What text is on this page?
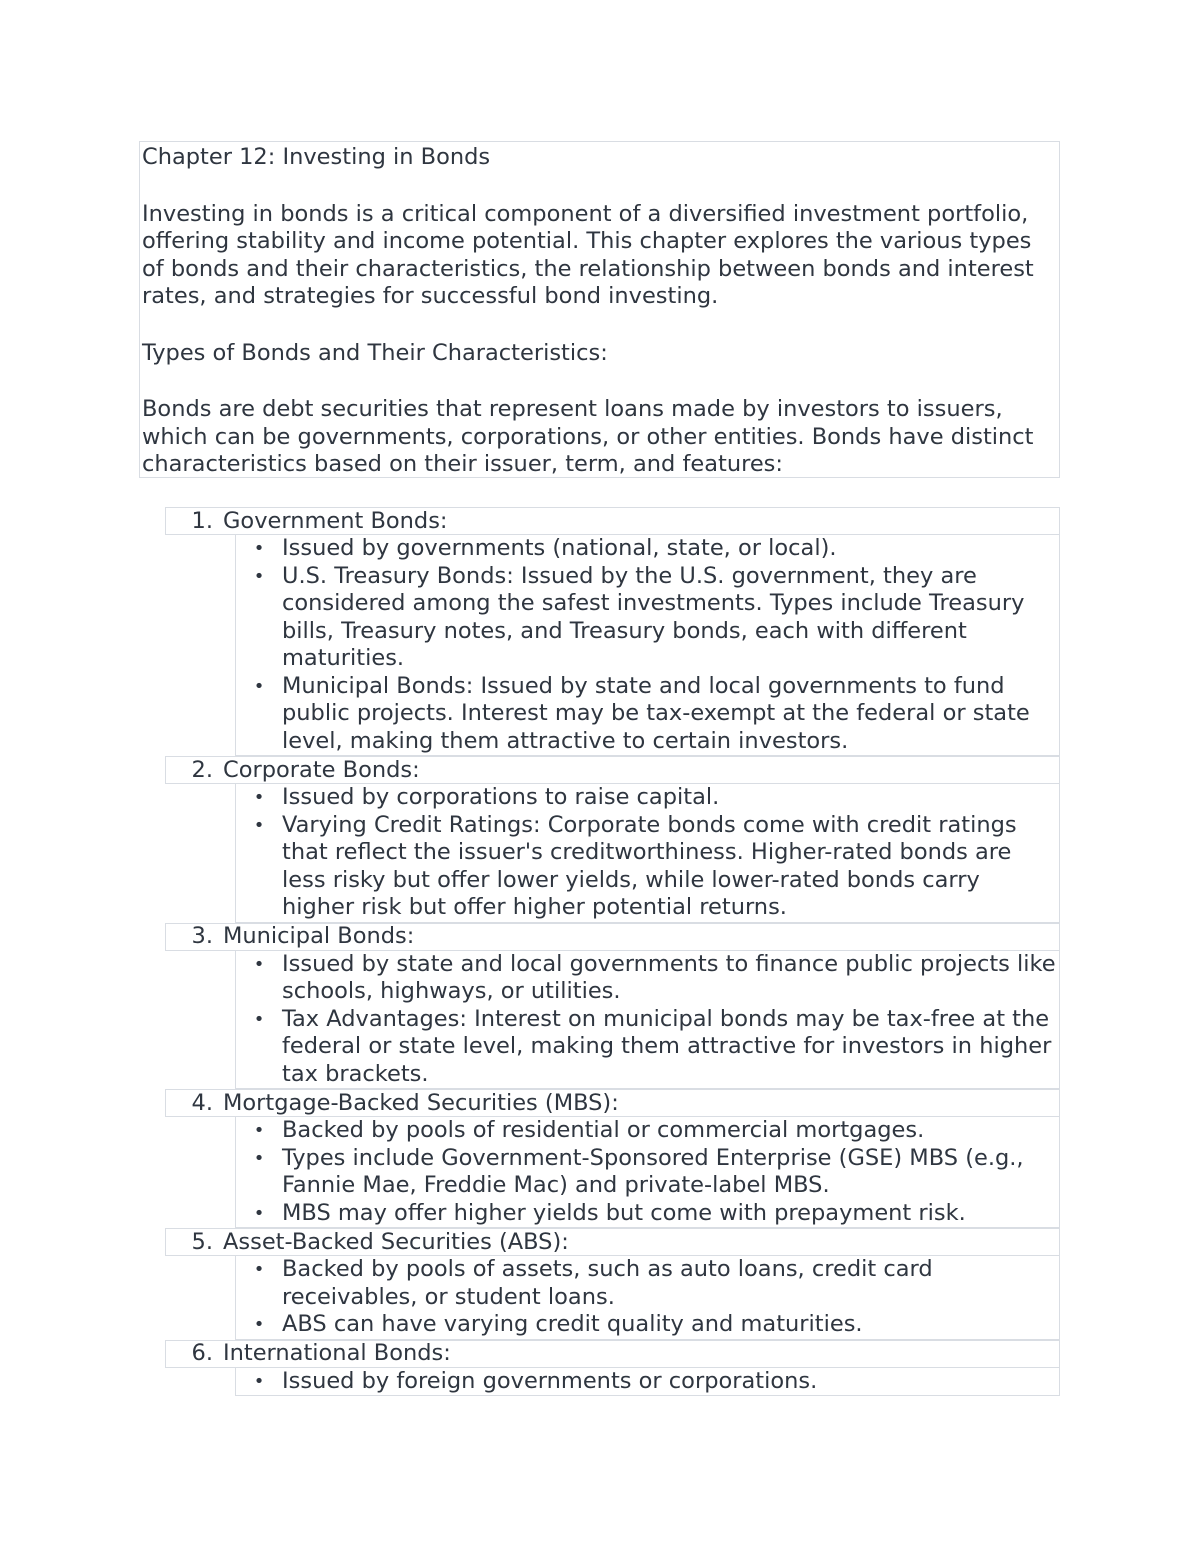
Chapter 12: Investing in Bonds

Investing in bonds is a critical component of a diversified investment portfolio, offering stability and income potential. This chapter explores the various types of bonds and their characteristics, the relationship between bonds and interest rates, and strategies for successful bond investing.

Types of Bonds and Their Characteristics:

Bonds are debt securities that represent loans made by investors to issuers, which can be governments, corporations, or other entities. Bonds have distinct characteristics based on their issuer, term, and features:

1. Government Bonds:
• Issued by governments (national, state, or local).
• U.S. Treasury Bonds: Issued by the U.S. government, they are considered among the safest investments. Types include Treasury bills, Treasury notes, and Treasury bonds, each with different maturities.
• Municipal Bonds: Issued by state and local governments to fund public projects. Interest may be tax-exempt at the federal or state level, making them attractive to certain investors.
2. Corporate Bonds:
• Issued by corporations to raise capital.
• Varying Credit Ratings: Corporate bonds come with credit ratings that reflect the issuer's creditworthiness. Higher-rated bonds are less risky but offer lower yields, while lower-rated bonds carry higher risk but offer higher potential returns.
3. Municipal Bonds:
• Issued by state and local governments to finance public projects like schools, highways, or utilities.
• Tax Advantages: Interest on municipal bonds may be tax-free at the federal or state level, making them attractive for investors in higher tax brackets.
4. Mortgage-Backed Securities (MBS):
• Backed by pools of residential or commercial mortgages.
• Types include Government-Sponsored Enterprise (GSE) MBS (e.g., Fannie Mae, Freddie Mac) and private-label MBS.
• MBS may offer higher yields but come with prepayment risk.
5. Asset-Backed Securities (ABS):
• Backed by pools of assets, such as auto loans, credit card receivables, or student loans.
• ABS can have varying credit quality and maturities.
6. International Bonds:
• Issued by foreign governments or corporations.
